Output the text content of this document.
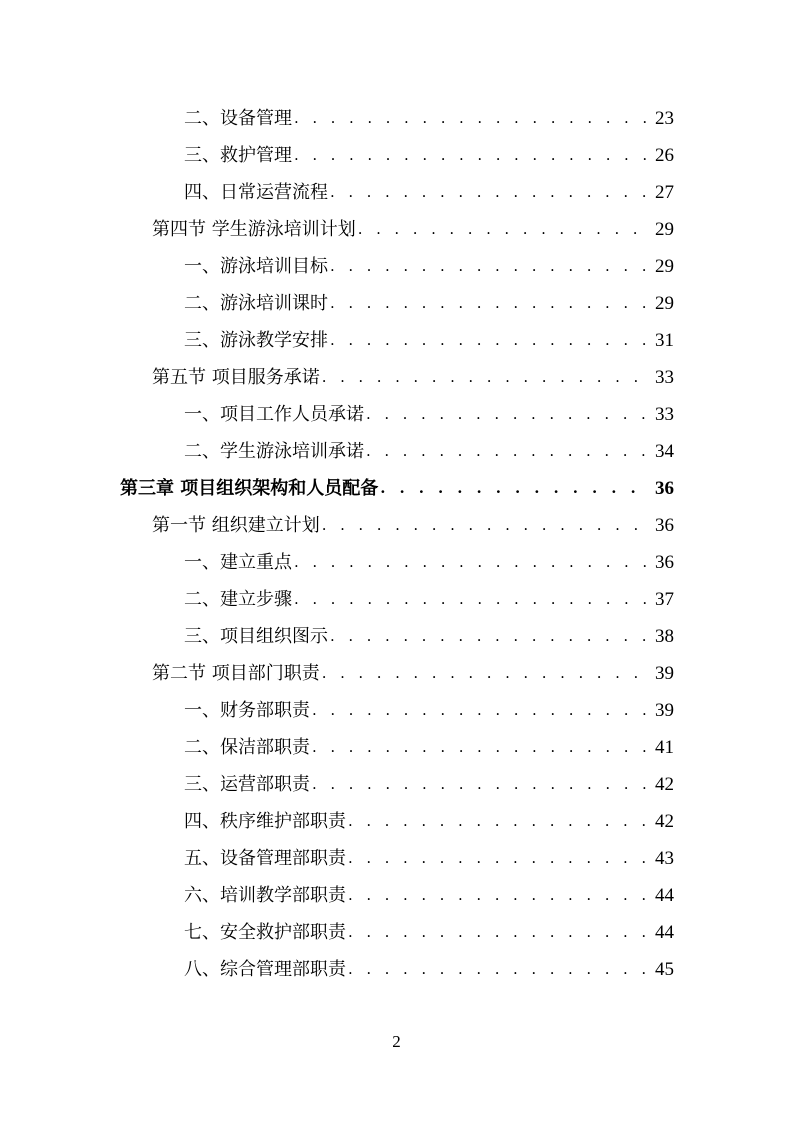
二、设备管理 . . .	23
三、救护管理 . . .	26
四、日常运营流程 . . .	27
第四节 学生游泳培训计划 . . .	29
一、游泳培训目标 . . .	29
二、游泳培训课时 . . .	29
三、游泳教学安排 . . .	31
第五节 项目服务承诺 . . .	33
一、项目工作人员承诺 . . .	33
二、学生游泳培训承诺 . . .	34
第三章 项目组织架构和人员配备 . . .	36
第一节 组织建立计划 . . .	36
一、建立重点 . . .	36
二、建立步骤 . . .	37
三、项目组织图示 . . .	38
第二节 项目部门职责 . . .	39
一、财务部职责 . . .	39
二、保洁部职责 . . .	41
三、运营部职责 . . .	42
四、秩序维护部职责 . . .	42
五、设备管理部职责 . . .	43
六、培训教学部职责 . . .	44
七、安全救护部职责 . . .	44
八、综合管理部职责 . . .	45
2
